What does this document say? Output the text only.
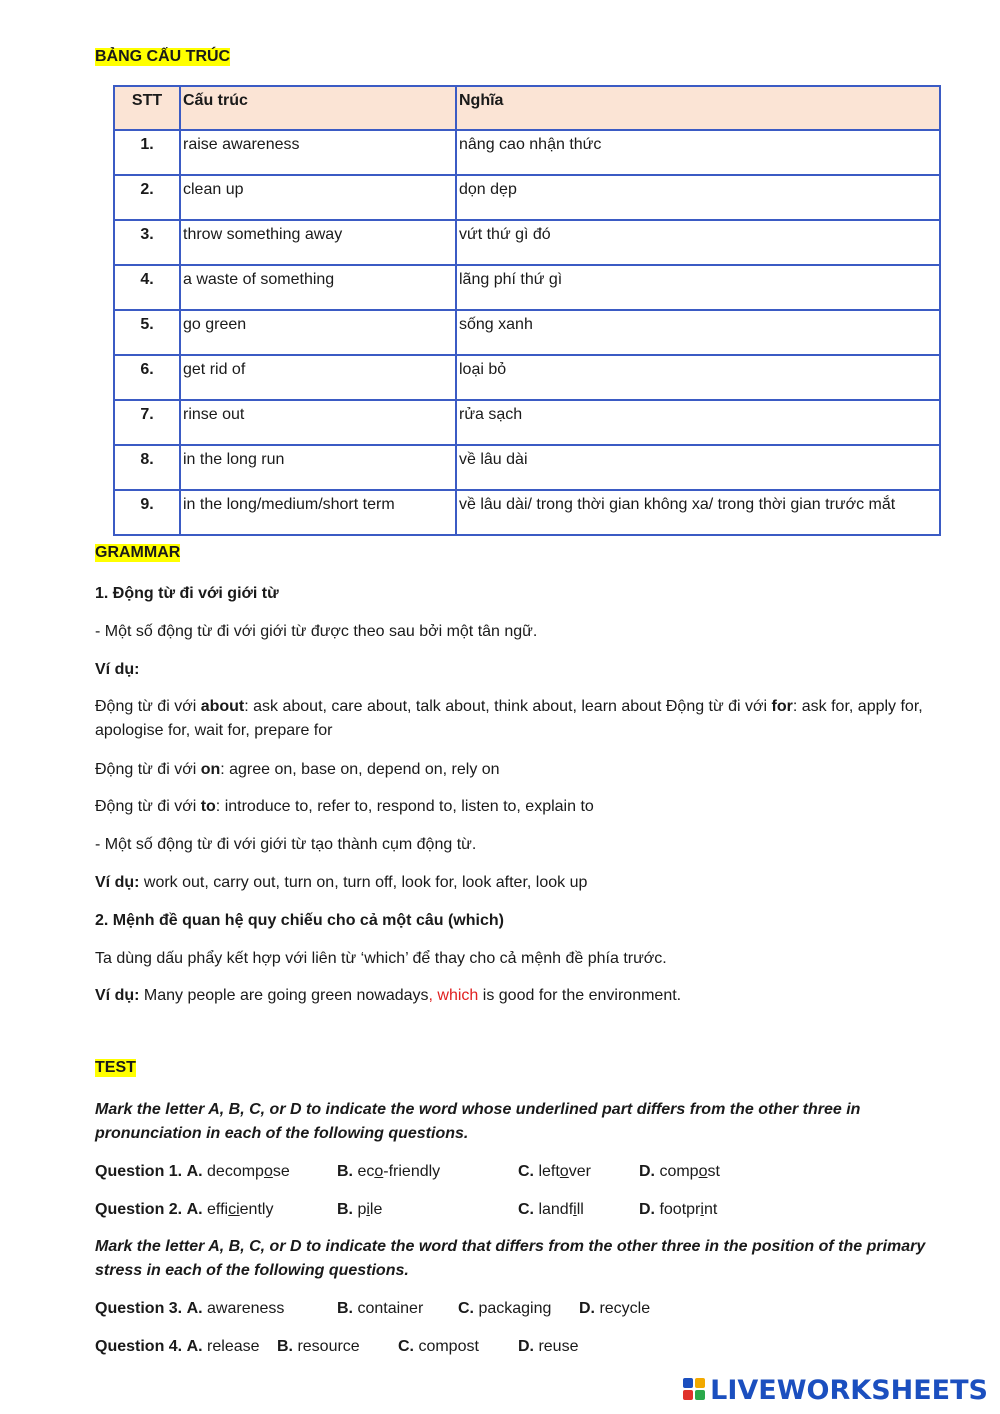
BẢNG CẤU TRÚC
STT	Cấu trúc	Nghĩa
1.	raise awareness	nâng cao nhận thức
2.	clean up	dọn dẹp
3.	throw something away	vứt thứ gì đó
4.	a waste of something	lãng phí thứ gì
5.	go green	sống xanh
6.	get rid of	loại bỏ
7.	rinse out	rửa sạch
8.	in the long run	về lâu dài
9.	in the long/medium/short term	về lâu dài/ trong thời gian không xa/ trong thời gian trước mắt
GRAMMAR
1. Động từ đi với giới từ
- Một số động từ đi với giới từ được theo sau bởi một tân ngữ.
Ví dụ:
Động từ đi với about: ask about, care about, talk about, think about, learn about Động từ đi với for: ask for, apply for, apologise for, wait for, prepare for
Động từ đi với on: agree on, base on, depend on, rely on
Động từ đi với to: introduce to, refer to, respond to, listen to, explain to
- Một số động từ đi với giới từ tạo thành cụm động từ.
Ví dụ: work out, carry out, turn on, turn off, look for, look after, look up
2. Mệnh đề quan hệ quy chiếu cho cả một câu (which)
Ta dùng dấu phẩy kết hợp với liên từ ‘which’ để thay cho cả mệnh đề phía trước.
Ví dụ: Many people are going green nowadays, which is good for the environment.
TEST
Mark the letter A, B, C, or D to indicate the word whose underlined part differs from the other three in pronunciation in each of the following questions.
Question 1. A. decompose	B. eco-friendly	C. leftover	D. compost
Question 2. A. efficiently	B. pile	C. landfill	D. footprint
Mark the letter A, B, C, or D to indicate the word that differs from the other three in the position of the primary stress in each of the following questions.
Question 3. A. awareness	B. container C. packaging D. recycle
Question 4. A. release B. resource C. compost D. reuse
LIVEWORKSHEETS
